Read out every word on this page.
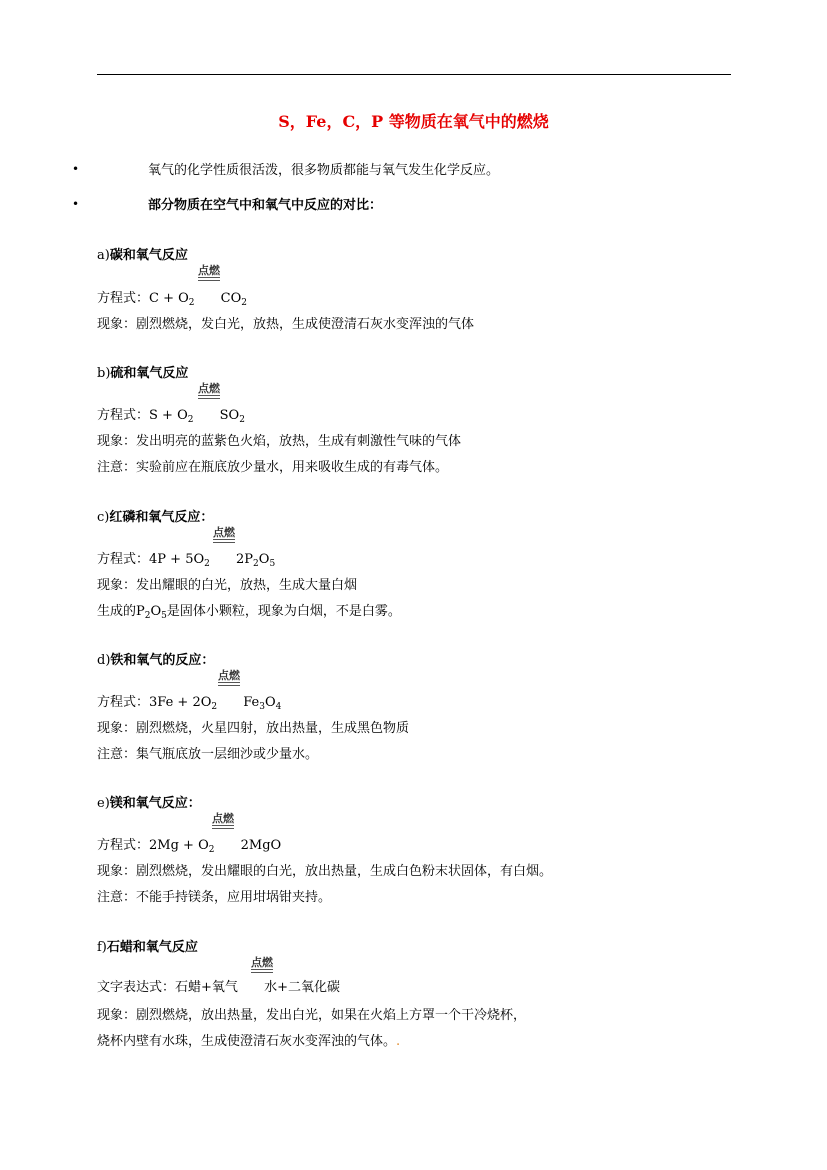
S，Fe，C，P 等物质在氧气中的燃烧
•	氧气的化学性质很活泼，很多物质都能与氧气发生化学反应。
•	部分物质在空气中和氧气中反应的对比：
a)碳和氧气反应
点燃
方程式：$C + O_2$ $CO_2$
现象：剧烈燃烧，发白光，放热，生成使澄清石灰水变浑浊的气体
b)硫和氧气反应
点燃
方程式：$S + O_2$ $SO_2$
现象：发出明亮的蓝紫色火焰，放热，生成有刺激性气味的气体
注意：实验前应在瓶底放少量水，用来吸收生成的有毒气体。
c)红磷和氧气反应：
点燃
方程式：$4P + 5O_2$ $2P_2O_5$
现象：发出耀眼的白光，放热，生成大量白烟
生成的$P_2O_5$是固体小颗粒，现象为白烟，不是白雾。
d)铁和氧气的反应：
点燃
方程式：$3Fe + 2O_2$ $Fe_3O_4$
现象：剧烈燃烧，火星四射，放出热量，生成黑色物质
注意：集气瓶底放一层细沙或少量水。
e)镁和氧气反应：
点燃
方程式：$2Mg + O_2$ 2MgO
现象：剧烈燃烧，发出耀眼的白光，放出热量，生成白色粉末状固体，有白烟。
注意：不能手持镁条，应用坩埚钳夹持。
f)石蜡和氧气反应
点燃
文字表达式：石蜡+氧气 水+二氧化碳
现象：剧烈燃烧，放出热量，发出白光，如果在火焰上方罩一个干冷烧杯，
烧杯内壁有水珠，生成使澄清石灰水变浑浊的气体。.
